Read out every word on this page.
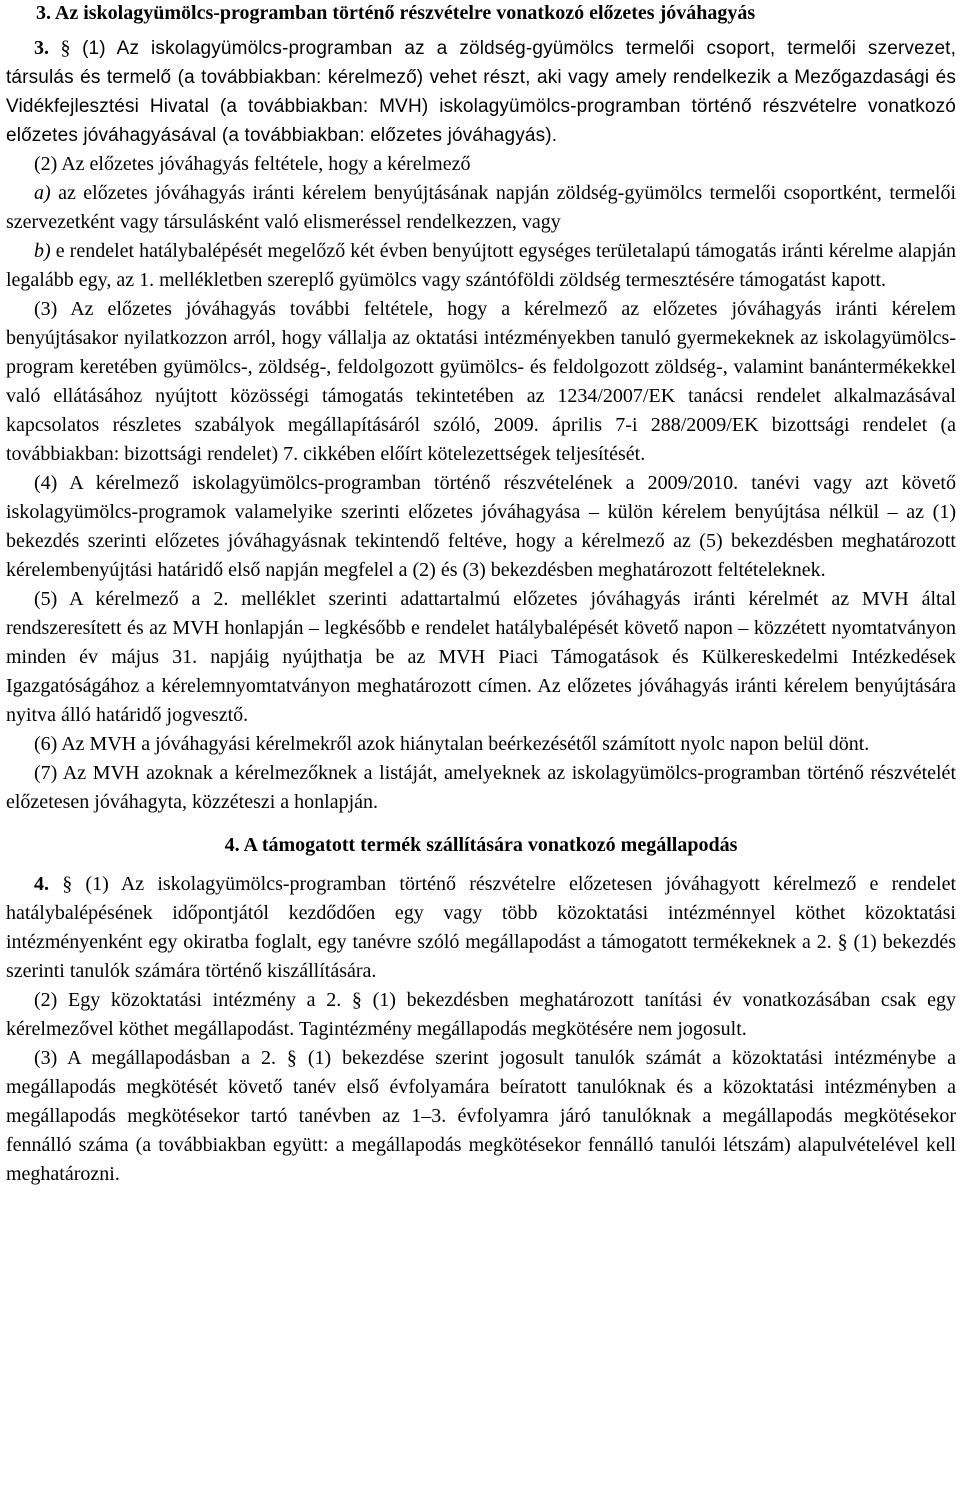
3. Az iskolagyümölcs-programban történő részvételre vonatkozó előzetes jóváhagyás

3. § (1) Az iskolagyümölcs-programban az a zöldség-gyümölcs termelői csoport, termelői szervezet, társulás és termelő (a továbbiakban: kérelmező) vehet részt, aki vagy amely rendelkezik a Mezőgazdasági és Vidékfejlesztési Hivatal (a továbbiakban: MVH) iskolagyümölcs-programban történő részvételre vonatkozó előzetes jóváhagyásával (a továbbiakban: előzetes jóváhagyás).

(2) Az előzetes jóváhagyás feltétele, hogy a kérelmező

a) az előzetes jóváhagyás iránti kérelem benyújtásának napján zöldség-gyümölcs termelői csoportként, termelői szervezetként vagy társulásként való elismeréssel rendelkezzen, vagy

b) e rendelet hatálybalépését megelőző két évben benyújtott egységes területalapú támogatás iránti kérelme alapján legalább egy, az 1. mellékletben szereplő gyümölcs vagy szántóföldi zöldség termesztésére támogatást kapott.

(3) Az előzetes jóváhagyás további feltétele, hogy a kérelmező az előzetes jóváhagyás iránti kérelem benyújtásakor nyilatkozzon arról, hogy vállalja az oktatási intézményekben tanuló gyermekeknek az iskolagyümölcs-program keretében gyümölcs-, zöldség-, feldolgozott gyümölcs- és feldolgozott zöldség-, valamint banántermékekkel való ellátásához nyújtott közösségi támogatás tekintetében az 1234/2007/EK tanácsi rendelet alkalmazásával kapcsolatos részletes szabályok megállapításáról szóló, 2009. április 7-i 288/2009/EK bizottsági rendelet (a továbbiakban: bizottsági rendelet) 7. cikkében előírt kötelezettségek teljesítését.

(4) A kérelmező iskolagyümölcs-programban történő részvételének a 2009/2010. tanévi vagy azt követő iskolagyümölcs-programok valamelyike szerinti előzetes jóváhagyása – külön kérelem benyújtása nélkül – az (1) bekezdés szerinti előzetes jóváhagyásnak tekintendő feltéve, hogy a kérelmező az (5) bekezdésben meghatározott kérelembenyújtási határidő első napján megfelel a (2) és (3) bekezdésben meghatározott feltételeknek.

(5) A kérelmező a 2. melléklet szerinti adattartalmú előzetes jóváhagyás iránti kérelmét az MVH által rendszeresített és az MVH honlapján – legkésőbb e rendelet hatálybalépését követő napon – közzétett nyomtatványon minden év május 31. napjáig nyújthatja be az MVH Piaci Támogatások és Külkereskedelmi Intézkedések Igazgatóságához a kérelemnyomtatványon meghatározott címen. Az előzetes jóváhagyás iránti kérelem benyújtására nyitva álló határidő jogvesztő.

(6) Az MVH a jóváhagyási kérelmekről azok hiánytalan beérkezésétől számított nyolc napon belül dönt.

(7) Az MVH azoknak a kérelmezőknek a listáját, amelyeknek az iskolagyümölcs-programban történő részvételét előzetesen jóváhagyta, közzéteszi a honlapján.

4. A támogatott termék szállítására vonatkozó megállapodás

4. § (1) Az iskolagyümölcs-programban történő részvételre előzetesen jóváhagyott kérelmező e rendelet hatálybalépésének időpontjától kezdődően egy vagy több közoktatási intézménnyel köthet közoktatási intézményenként egy okiratba foglalt, egy tanévre szóló megállapodást a támogatott termékeknek a 2. § (1) bekezdés szerinti tanulók számára történő kiszállítására.

(2) Egy közoktatási intézmény a 2. § (1) bekezdésben meghatározott tanítási év vonatkozásában csak egy kérelmezővel köthet megállapodást. Tagintézmény megállapodás megkötésére nem jogosult.

(3) A megállapodásban a 2. § (1) bekezdése szerint jogosult tanulók számát a közoktatási intézménybe a megállapodás megkötését követő tanév első évfolyamára beíratott tanulóknak és a közoktatási intézményben a megállapodás megkötésekor tartó tanévben az 1–3. évfolyamra járó tanulóknak a megállapodás megkötésekor fennálló száma (a továbbiakban együtt: a megállapodás megkötésekor fennálló tanulói létszám) alapulvételével kell meghatározni.
